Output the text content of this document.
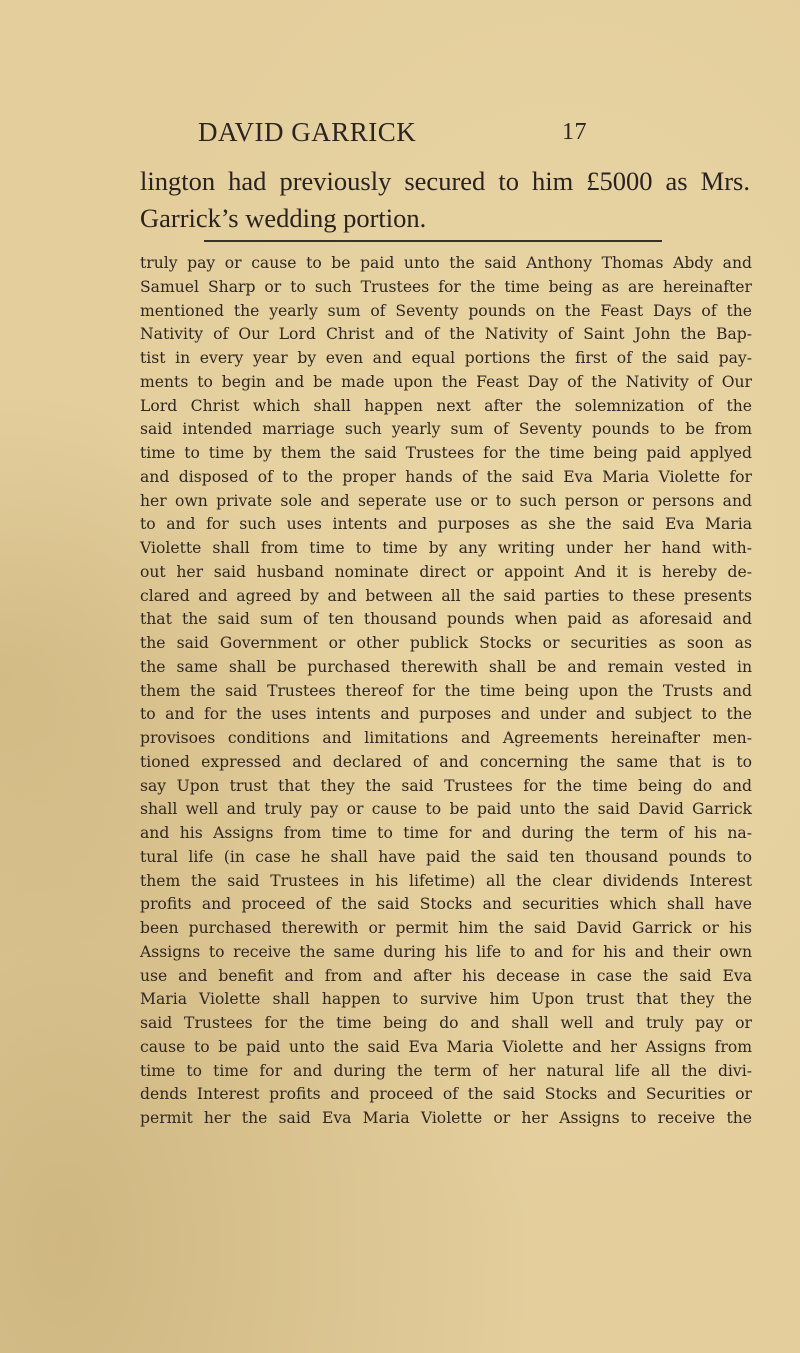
DAVID GARRICK	17
lington had previously secured to him £5000 as Mrs.
Garrick’s wedding portion.
truly pay or cause to be paid unto the said Anthony Thomas Abdy and
Samuel Sharp or to such Trustees for the time being as are hereinafter
mentioned the yearly sum of Seventy pounds on the Feast Days of the
Nativity of Our Lord Christ and of the Nativity of Saint John the Bap-
tist in every year by even and equal portions the first of the said pay-
ments to begin and be made upon the Feast Day of the Nativity of Our
Lord Christ which shall happen next after the solemnization of the
said intended marriage such yearly sum of Seventy pounds to be from
time to time by them the said Trustees for the time being paid applyed
and disposed of to the proper hands of the said Eva Maria Violette for
her own private sole and seperate use or to such person or persons and
to and for such uses intents and purposes as she the said Eva Maria
Violette shall from time to time by any writing under her hand with-
out her said husband nominate direct or appoint And it is hereby de-
clared and agreed by and between all the said parties to these presents
that the said sum of ten thousand pounds when paid as aforesaid and
the said Government or other publick Stocks or securities as soon as
the same shall be purchased therewith shall be and remain vested in
them the said Trustees thereof for the time being upon the Trusts and
to and for the uses intents and purposes and under and subject to the
provisoes conditions and limitations and Agreements hereinafter men-
tioned expressed and declared of and concerning the same that is to
say Upon trust that they the said Trustees for the time being do and
shall well and truly pay or cause to be paid unto the said David Garrick
and his Assigns from time to time for and during the term of his na-
tural life (in case he shall have paid the said ten thousand pounds to
them the said Trustees in his lifetime) all the clear dividends Interest
profits and proceed of the said Stocks and securities which shall have
been purchased therewith or permit him the said David Garrick or his
Assigns to receive the same during his life to and for his and their own
use and benefit and from and after his decease in case the said Eva
Maria Violette shall happen to survive him Upon trust that they the
said Trustees for the time being do and shall well and truly pay or
cause to be paid unto the said Eva Maria Violette and her Assigns from
time to time for and during the term of her natural life all the divi-
dends Interest profits and proceed of the said Stocks and Securities or
permit her the said Eva Maria Violette or her Assigns to receive the
